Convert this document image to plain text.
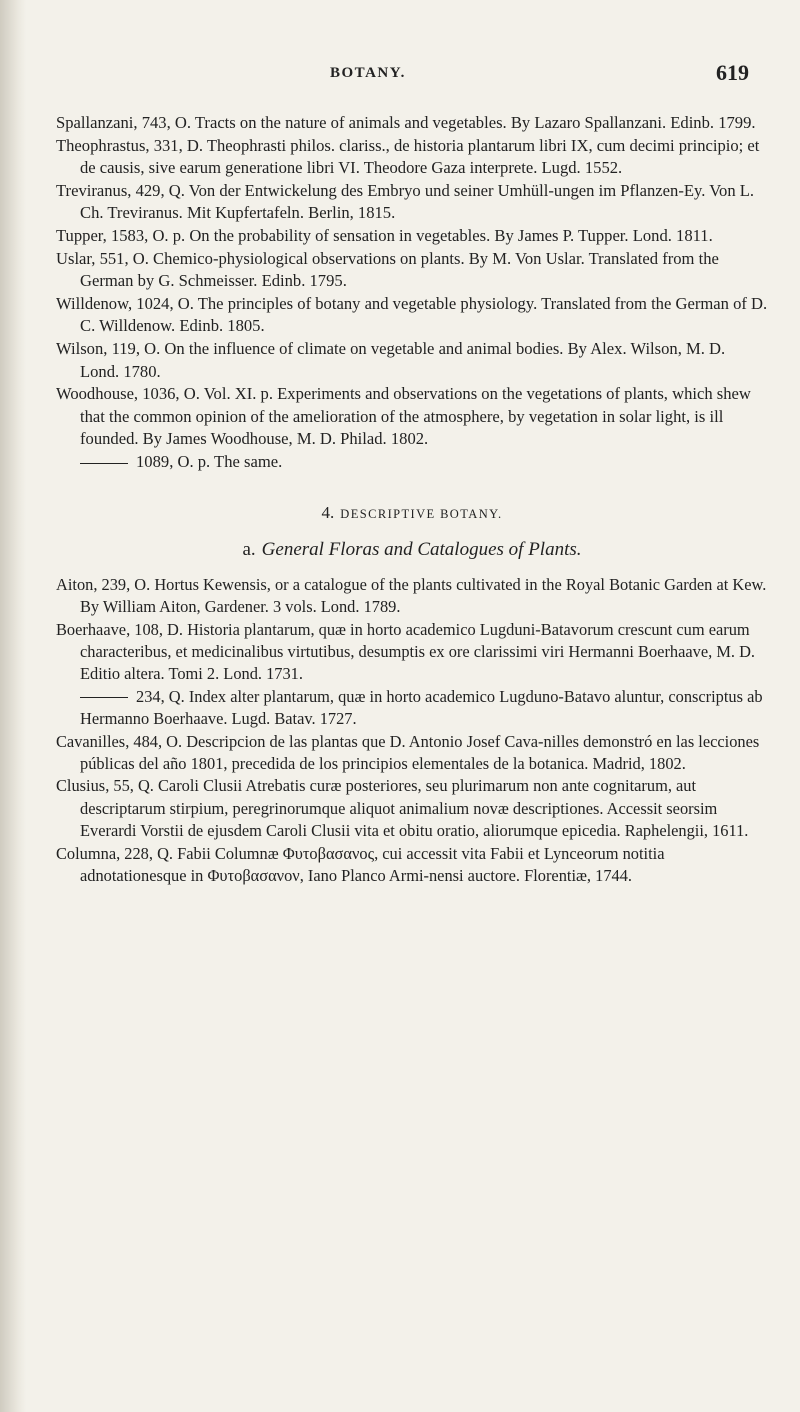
BOTANY.	619

Spallanzani, 743, O. Tracts on the nature of animals and vegetables. By Lazaro Spallanzani. Edinb. 1799.

Theophrastus, 331, D. Theophrasti philos. clariss., de historia plantarum libri IX, cum decimi principio; et de causis, sive earum generatione libri VI. Theodore Gaza interprete. Lugd. 1552.

Treviranus, 429, Q. Von der Entwickelung des Embryo und seiner Umhüll-ungen im Pflanzen-Ey. Von L. Ch. Treviranus. Mit Kupfertafeln. Berlin, 1815.

Tupper, 1583, O. p. On the probability of sensation in vegetables. By James P. Tupper. Lond. 1811.

Uslar, 551, O. Chemico-physiological observations on plants. By M. Von Uslar. Translated from the German by G. Schmeisser. Edinb. 1795.

Willdenow, 1024, O. The principles of botany and vegetable physiology. Translated from the German of D. C. Willdenow. Edinb. 1805.

Wilson, 119, O. On the influence of climate on vegetable and animal bodies. By Alex. Wilson, M. D. Lond. 1780.

Woodhouse, 1036, O. Vol. XI. p. Experiments and observations on the vegetations of plants, which shew that the common opinion of the amelioration of the atmosphere, by vegetation in solar light, is ill founded. By James Woodhouse, M. D. Philad. 1802.

1089, O. p. The same.

4. DESCRIPTIVE BOTANY.
a. General Floras and Catalogues of Plants.

Aiton, 239, O. Hortus Kewensis, or a catalogue of the plants cultivated in the Royal Botanic Garden at Kew. By William Aiton, Gardener. 3 vols. Lond. 1789.

Boerhaave, 108, D. Historia plantarum, quæ in horto academico Lugduni-Batavorum crescunt cum earum characteribus, et medicinalibus virtutibus, desumptis ex ore clarissimi viri Hermanni Boerhaave, M. D. Editio altera. Tomi 2. Lond. 1731.

234, Q. Index alter plantarum, quæ in horto academico Lugduno-Batavo aluntur, conscriptus ab Hermanno Boerhaave. Lugd. Batav. 1727.

Cavanilles, 484, O. Descripcion de las plantas que D. Antonio Josef Cava-nilles demonstró en las lecciones públicas del año 1801, precedida de los principios elementales de la botanica. Madrid, 1802.

Clusius, 55, Q. Caroli Clusii Atrebatis curæ posteriores, seu plurimarum non ante cognitarum, aut descriptarum stirpium, peregrinorumque aliquot animalium novæ descriptiones. Accessit seorsim Everardi Vorstii de ejusdem Caroli Clusii vita et obitu oratio, aliorumque epicedia. Raphelengii, 1611.

Columna, 228, Q. Fabii Columnæ Φυτοβασανος, cui accessit vita Fabii et Lynceorum notitia adnotationesque in Φυτοβασανον, Iano Planco Armi-nensi auctore. Florentiæ, 1744.
